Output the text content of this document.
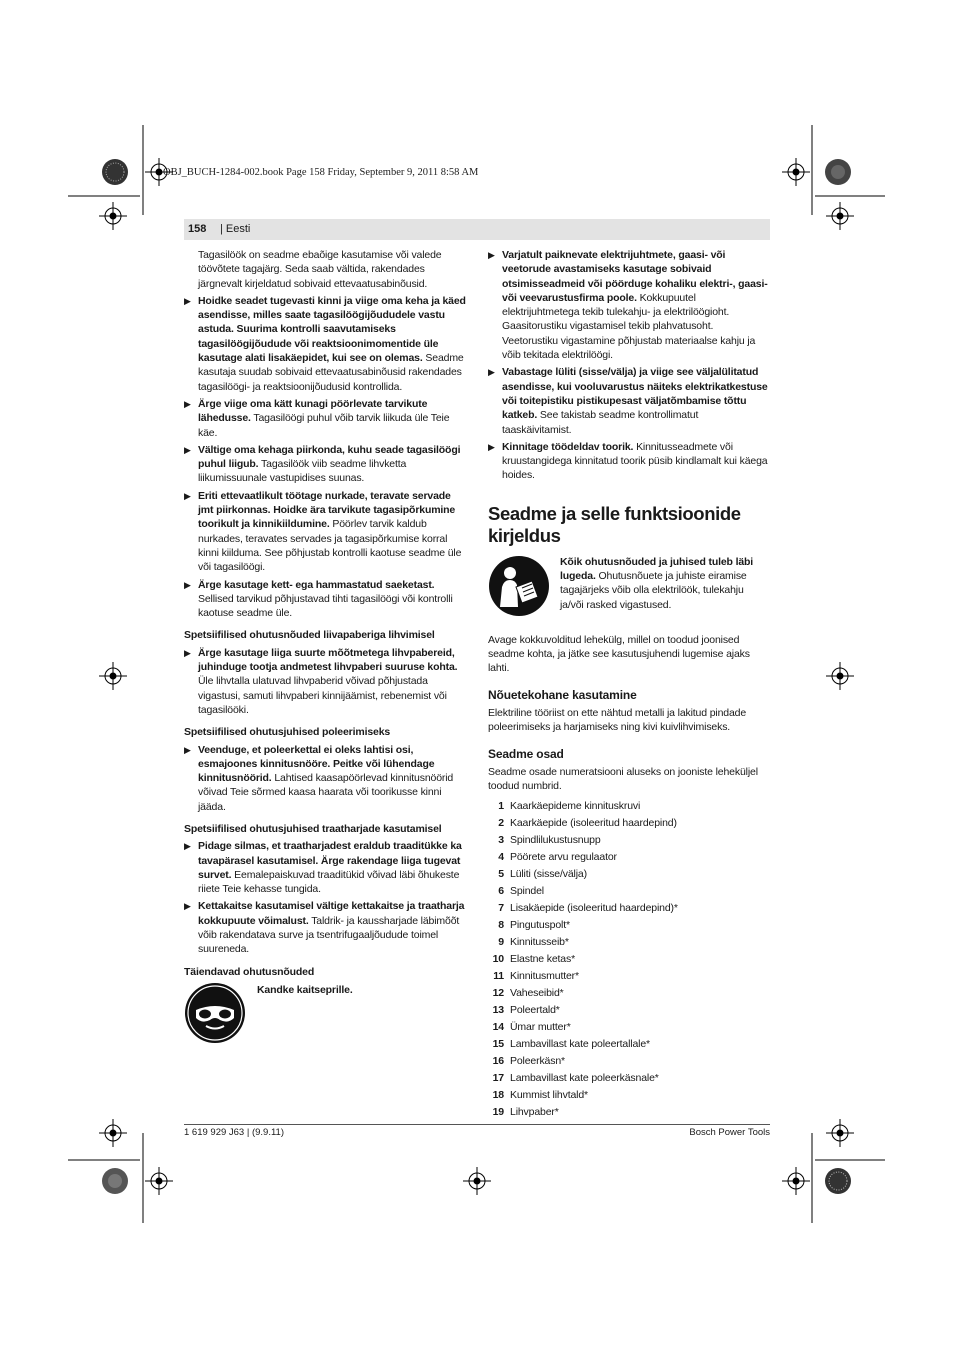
OBJ_BUCH-1284-002.book Page 158 Friday, September 9, 2011 8:58 AM
158 | Eesti

Tagasilöök on seadme ebaõige kasutamise või valede töövõtete tagajärg. Seda saab vältida, rakendades järgnevalt kirjeldatud sobivaid ettevaatusabinõusid.

▶ Hoidke seadet tugevasti kinni ja viige oma keha ja käed asendisse, milles saate tagasilöögijõududele vastu astuda. Suurima kontrolli saavutamiseks tagasilöögijõudude või reaktsioonimomentide üle kasutage alati lisakäepidet, kui see on olemas. Seadme kasutaja suudab sobivaid ettevaatusabinõusid rakendades tagasilöögi- ja reaktsioonijõudusid kontrollida.
▶ Ärge viige oma kätt kunagi pöörlevate tarvikute lähedusse. Tagasilöögi puhul võib tarvik liikuda üle Teie käe.
▶ Vältige oma kehaga piirkonda, kuhu seade tagasilöögi puhul liigub. Tagasilöök viib seadme lihvketta liikumissuunale vastupidises suunas.
▶ Eriti ettevaatlikult töötage nurkade, teravate servade jmt piirkonnas. Hoidke ära tarvikute tagasipõrkumine toorikult ja kinnikiildumine. Pöörlev tarvik kaldub nurkades, teravates servades ja tagasipõrkumise korral kinni kiilduma. See põhjustab kontrolli kaotuse seadme üle või tagasilöögi.
▶ Ärge kasutage kett- ega hammastatud saeketast. Sellised tarvikud põhjustavad tihti tagasilöögi või kontrolli kaotuse seadme üle.
Spetsiifilised ohutusnõuded liivapaberiga lihvimisel
▶ Ärge kasutage liiga suurte mõõtmetega lihvpabereid, juhinduge tootja andmetest lihvpaberi suuruse kohta. Üle lihvtalla ulatuvad lihvpaberid võivad põhjustada vigastusi, samuti lihvpaberi kinnijäämist, rebenemist või tagasilööki.
Spetsiifilised ohutusjuhised poleerimiseks
▶ Veenduge, et poleerkettal ei oleks lahtisi osi, esmajoones kinnitusnööre. Peitke või lühendage kinnitusnöörid. Lahtised kaasapöörlevad kinnitusnöörid võivad Teie sõrmed kaasa haarata või toorikusse kinni jääda.
Spetsiifilised ohutusjuhised traatharjade kasutamisel
▶ Pidage silmas, et traatharjadest eraldub traaditükke ka tavapärasel kasutamisel. Ärge rakendage liiga tugevat survet. Eemalepaiskuvad traaditükid võivad läbi õhukeste riiete Teie kehasse tungida.
▶ Kettakaitse kasutamisel vältige kettakaitse ja traatharja kokkupuute võimalust. Taldrik- ja kaussharjade läbimõõt võib rakendatava surve ja tsentrifugaaljõudude toimel suureneda.
Täiendavad ohutusnõuded
Kandke kaitseprille.
▶ Varjatult paiknevate elektrijuhtmete, gaasi- või veetorude avastamiseks kasutage sobivaid otsimisseadmeid või pöörduge kohaliku elektri-, gaasi- või veevarustusfirma poole. Kokkupuutel elektrijuhtmetega tekib tulekahju- ja elektrilöögioht. Gaasitorustiku vigastamisel tekib plahvatusoht. Veetorustiku vigastamine põhjustab materiaalse kahju ja võib tekitada elektrilöögi.
▶ Vabastage lüliti (sisse/välja) ja viige see väljalülitatud asendisse, kui vooluvarustus näiteks elektrikatkestuse või toitepistiku pistikupesast väljatõmbamise tõttu katkeb. See takistab seadme kontrollimatut taaskäivitamist.
▶ Kinnitage töödeldav toorik. Kinnitusseadmete või kruustangidega kinnitatud toorik püsib kindlamalt kui käega hoides.
Seadme ja selle funktsioonide kirjeldus
Kõik ohutusnõuded ja juhised tuleb läbi lugeda. Ohutusnõuete ja juhiste eiramise tagajärjeks võib olla elektrilöök, tulekahju ja/või rasked vigastused.

Avage kokkuvolditud lehekülg, millel on toodud joonised seadme kohta, ja jätke see kasutusjuhendi lugemise ajaks lahti.

Nõuetekohane kasutamine

Elektriline tööriist on ette nähtud metalli ja lakitud pindade poleerimiseks ja harjamiseks ning kivi kuivlihvimiseks.

Seadme osad

Seadme osade numeratsiooni aluseks on jooniste leheküljel toodud numbrid.

1 Kaarkäepideme kinnituskruvi
2 Kaarkäepide (isoleeritud haardepind)
3 Spindlilukustusnupp
4 Pöörete arvu regulaator
5 Lüliti (sisse/välja)
6 Spindel
7 Lisakäepide (isoleeritud haardepind)*
8 Pingutuspolt*
9 Kinnitusseib*
10 Elastne ketas*
11 Kinnitusmutter*
12 Vaheseibid*
13 Poleertald*
14 Ümar mutter*
15 Lambavillast kate poleertallale*
16 Poleerkäsn*
17 Lambavillast kate poleerkäsnale*
18 Kummist lihvtald*
19 Lihvpaber*
1 619 929 J63 | (9.9.11)	Bosch Power Tools
